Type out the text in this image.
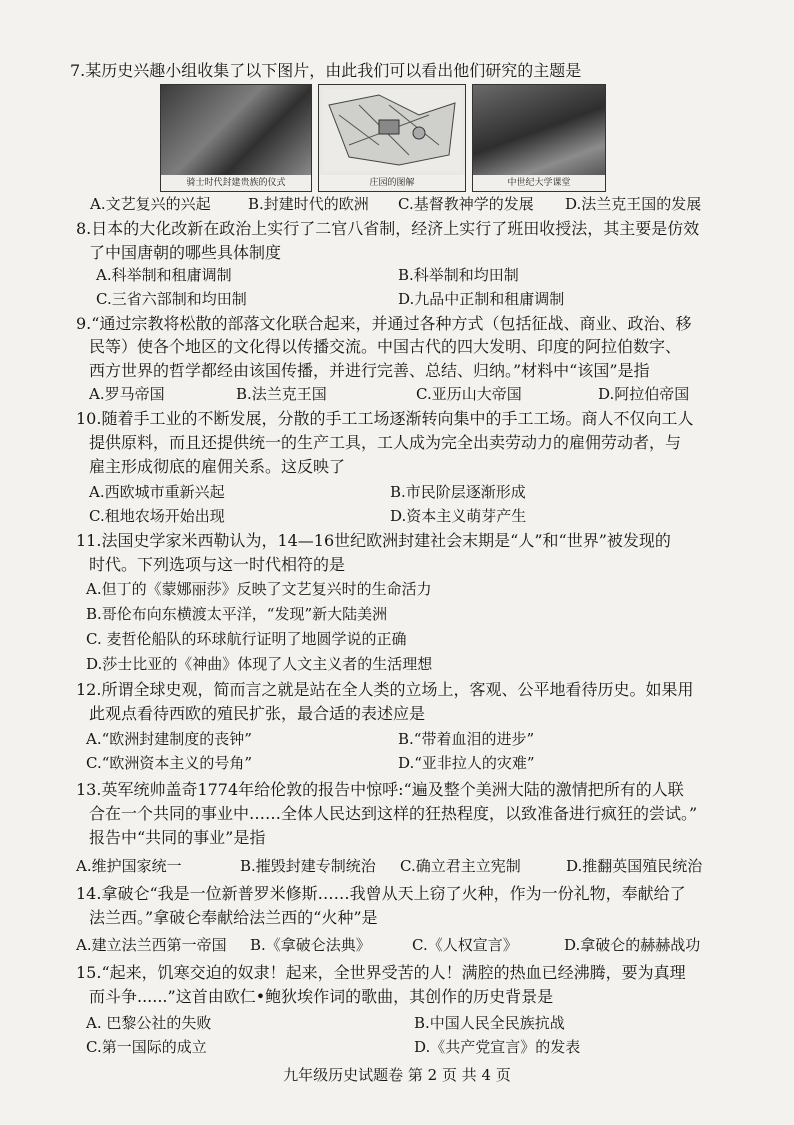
7.某历史兴趣小组收集了以下图片，由此我们可以看出他们研究的主题是
骑士时代封建贵族的仪式	庄园的图解	中世纪大学课堂
A.文艺复兴的兴起 B.封建时代的欧洲 C.基督教神学的发展 D.法兰克王国的发展
8.日本的大化改新在政治上实行了二官八省制，经济上实行了班田收授法，其主要是仿效
了中国唐朝的哪些具体制度
A.科举制和租庸调制	B.科举制和均田制
C.三省六部制和均田制	D.九品中正制和租庸调制
9.“通过宗教将松散的部落文化联合起来，并通过各种方式（包括征战、商业、政治、移
民等）使各个地区的文化得以传播交流。中国古代的四大发明、印度的阿拉伯数字、
西方世界的哲学都经由该国传播，并进行完善、总结、归纳。”材料中“该国”是指
A.罗马帝国	B.法兰克王国	C.亚历山大帝国	D.阿拉伯帝国
10.随着手工业的不断发展，分散的手工工场逐渐转向集中的手工工场。商人不仅向工人
提供原料，而且还提供统一的生产工具，工人成为完全出卖劳动力的雇佣劳动者，与
雇主形成彻底的雇佣关系。这反映了
A.西欧城市重新兴起	B.市民阶层逐渐形成
C.租地农场开始出现	D.资本主义萌芽产生
11.法国史学家米西勒认为，14—16世纪欧洲封建社会末期是“人”和“世界”被发现的
时代。下列选项与这一时代相符的是
A.但丁的《蒙娜丽莎》反映了文艺复兴时的生命活力
B.哥伦布向东横渡太平洋，“发现”新大陆美洲
C. 麦哲伦船队的环球航行证明了地圆学说的正确
D.莎士比亚的《神曲》体现了人文主义者的生活理想
12.所谓全球史观，简而言之就是站在全人类的立场上，客观、公平地看待历史。如果用
此观点看待西欧的殖民扩张，最合适的表述应是
A.“欧洲封建制度的丧钟”	B.“带着血泪的进步”
C.“欧洲资本主义的号角”	D.“亚非拉人的灾难”
13.英军统帅盖奇1774年给伦敦的报告中惊呼:“遍及整个美洲大陆的激情把所有的人联
合在一个共同的事业中……全体人民达到这样的狂热程度，以致准备进行疯狂的尝试。”
报告中“共同的事业”是指
A.维护国家统一	B.摧毁封建专制统治 C.确立君主立宪制	D.推翻英国殖民统治
14.拿破仑“我是一位新普罗米修斯……我曾从天上窃了火种，作为一份礼物，奉献给了
法兰西。”拿破仑奉献给法兰西的“火种”是
A.建立法兰西第一帝国 B.《拿破仑法典》	C.《人权宣言》	D.拿破仑的赫赫战功
15.“起来，饥寒交迫的奴隶！起来，全世界受苦的人！满腔的热血已经沸腾，要为真理
而斗争......”这首由欧仁•鲍狄埃作词的歌曲，其创作的历史背景是
A. 巴黎公社的失败	B.中国人民全民族抗战
C.第一国际的成立	D.《共产党宣言》的发表
九年级历史试题卷 第 2 页 共 4 页
